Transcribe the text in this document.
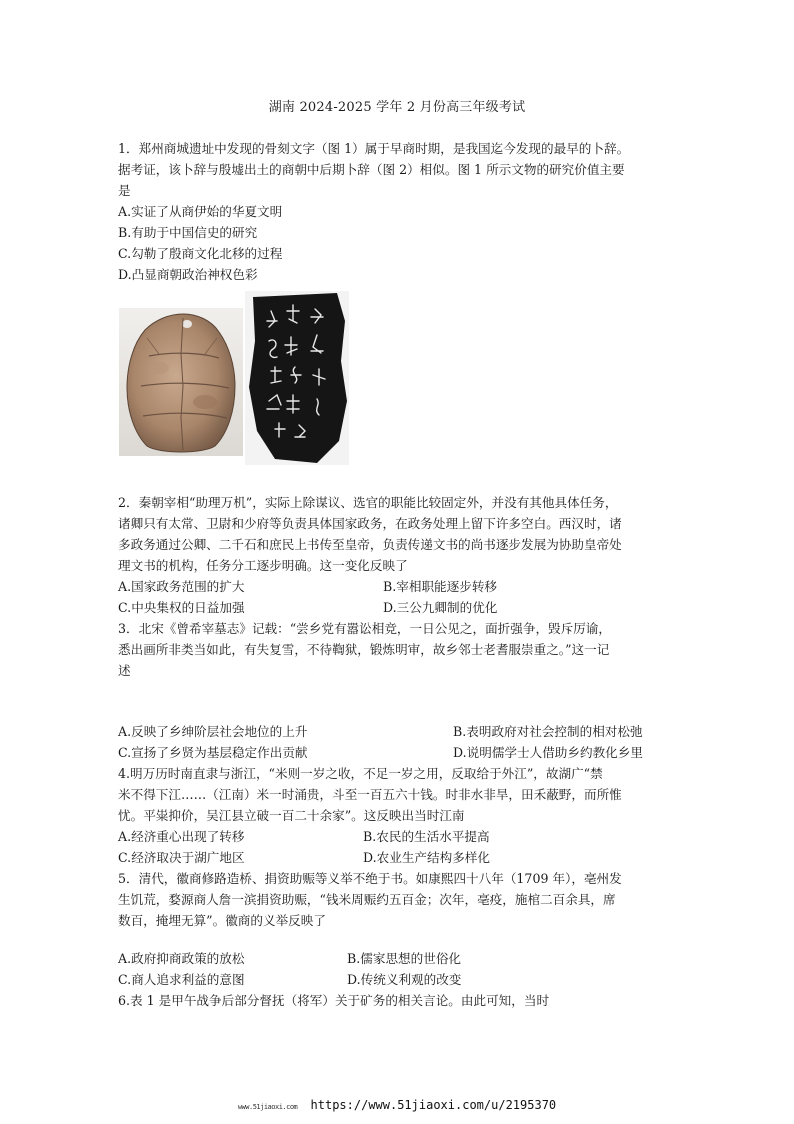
湖南 2024-2025 学年 2 月份高三年级考试
1．郑州商城遗址中发现的骨刻文字（图 1）属于早商时期，是我国迄今发现的最早的卜辞。
据考证，该卜辞与殷墟出土的商朝中后期卜辞（图 2）相似。图 1 所示文物的研究价值主要
是
A.实证了从商伊始的华夏文明
B.有助于中国信史的研究
C.勾勒了殷商文化北移的过程
D.凸显商朝政治神权色彩
2．秦朝宰相“助理万机”，实际上除谋议、选官的职能比较固定外，并没有其他具体任务，
诸卿只有太常、卫尉和少府等负责具体国家政务，在政务处理上留下许多空白。西汉时，诸
多政务通过公卿、二千石和庶民上书传至皇帝，负责传递文书的尚书逐步发展为协助皇帝处
理文书的机构，任务分工逐步明确。这一变化反映了
A.国家政务范围的扩大	B.宰相职能逐步转移
C.中央集权的日益加强	D.三公九卿制的优化
3．北宋《曾希宰墓志》记载：“尝乡党有嚣讼相竞，一日公见之，面折强争，毁斥厉谕，
悉出画所非类当如此，有失复雪，不待鞫狱，锻炼明审，故乡邻士老耆服崇重之。”这一记
述
A.反映了乡绅阶层社会地位的上升	B.表明政府对社会控制的相对松弛
C.宣扬了乡贤为基层稳定作出贡献	D.说明儒学士人借助乡约教化乡里
4.明万历时南直隶与浙江，“米则一岁之收，不足一岁之用，反取给于外江”，故湖广“禁
米不得下江……（江南）米一时涌贵，斗至一百五六十钱。时非水非旱，田禾蔽野，而所惟
忧。平粜抑价，吴江县立破一百二十余家”。这反映出当时江南
A.经济重心出现了转移	B.农民的生活水平提高
C.经济取决于湖广地区	D.农业生产结构多样化
5．清代，徽商修路造桥、捐资助赈等义举不绝于书。如康熙四十八年（1709 年），亳州发
生饥荒，婺源商人詹一滨捐资助赈，“钱米周赈约五百金；次年，亳疫，施棺二百余具，席
数百，掩埋无算”。徽商的义举反映了
A.政府抑商政策的放松	B.儒家思想的世俗化
C.商人追求利益的意图	D.传统义利观的改变
6.表 1 是甲午战争后部分督抚（将军）关于矿务的相关言论。由此可知，当时
www.51jiaoxi.com https://www.51jiaoxi.com/u/2195370
